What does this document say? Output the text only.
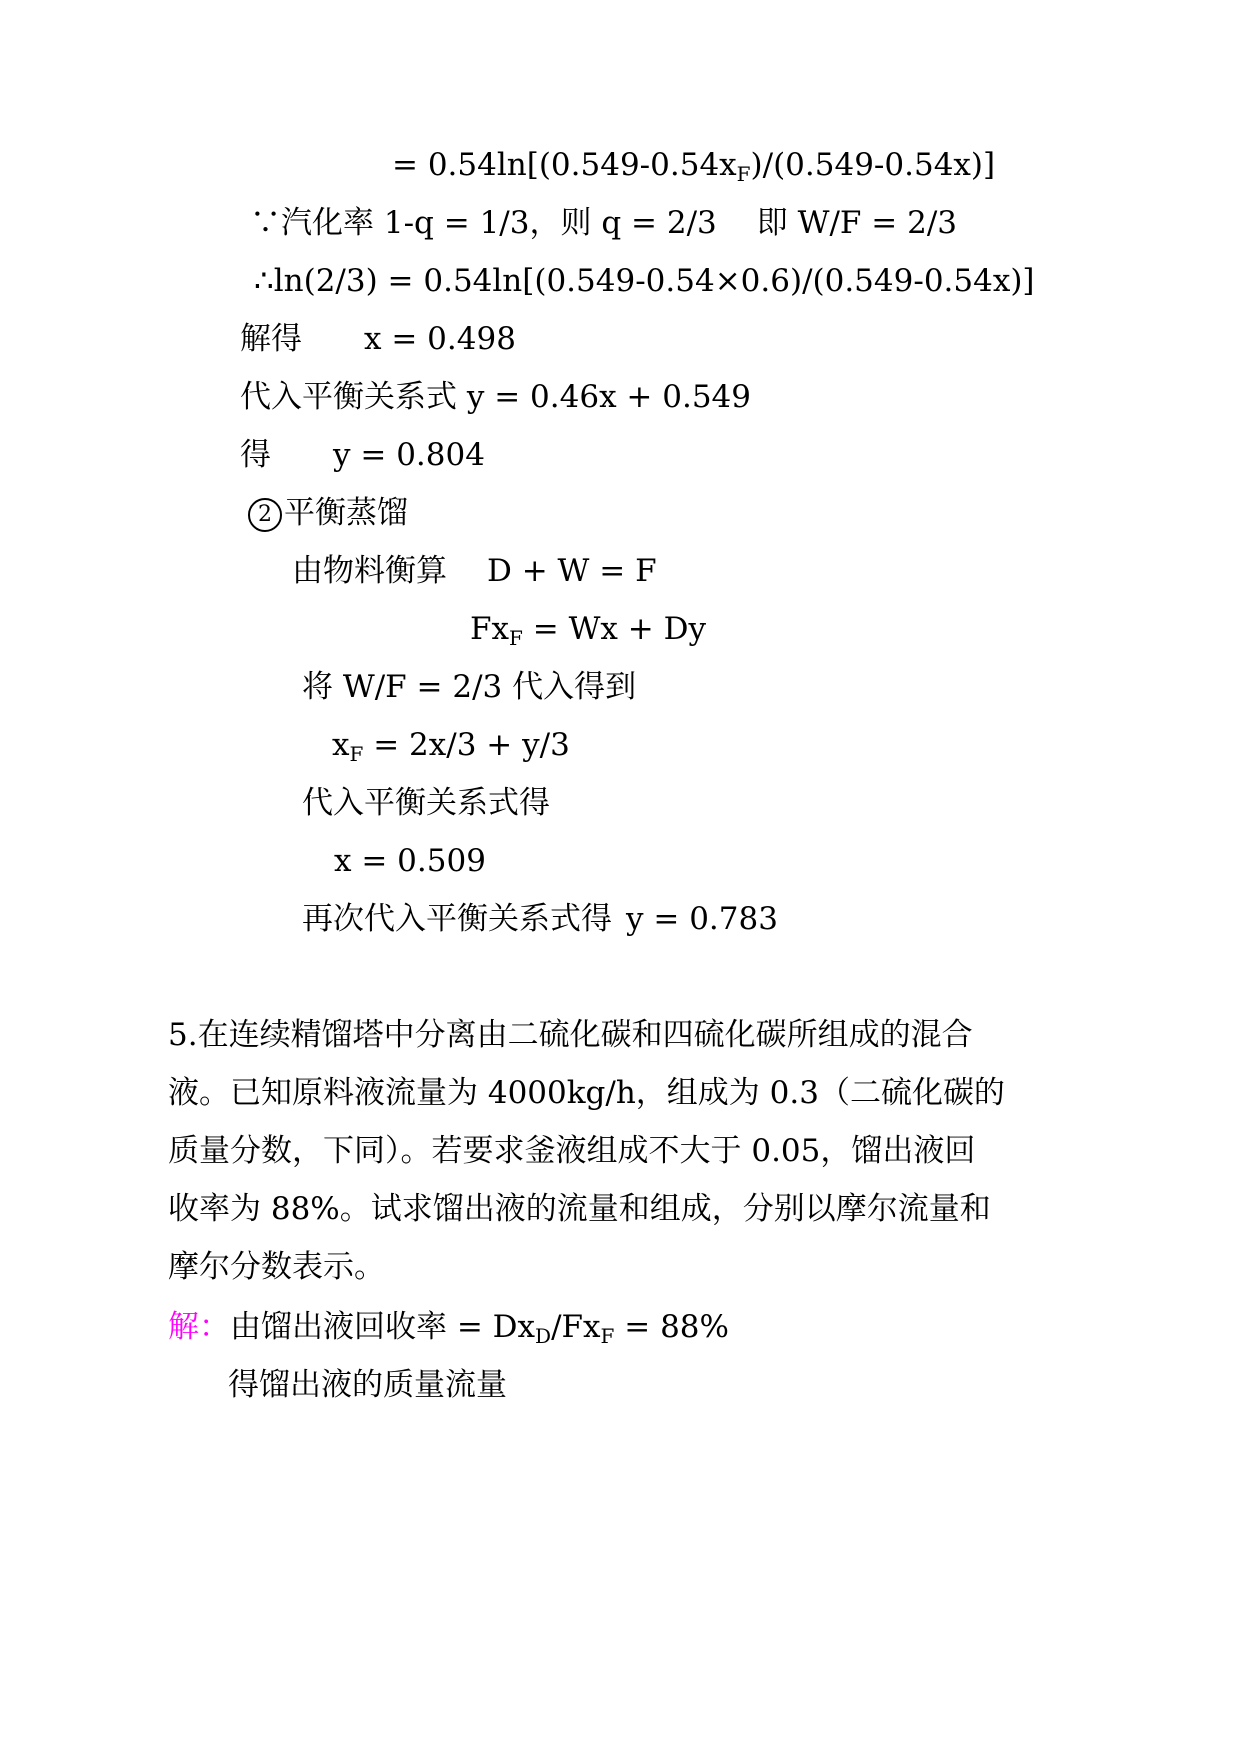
= $0.54\ln[(0.549-0.54x_F)/(0.549-0.54x)]$
∵汽化率 1-q = 1/3，则 q = 2/3 即 W/F = 2/3
∴ln(2/3) = 0.54ln[(0.549-0.54×0.6)/(0.549-0.54x)]
解得 x = 0.498
代入平衡关系式 y = 0.46x + 0.549
得 y = 0.804
2 平衡蒸馏
由物料衡算 D + W = F
$Fx_F = Wx + Dy$
将 W/F = 2/3 代入得到
$x_F = 2x/3 + y/3$
代入平衡关系式得
x = 0.509
再次代入平衡关系式得 y = 0.783
5.在连续精馏塔中分离由二硫化碳和四硫化碳所组成的混合
液。已知原料液流量为 4000kg/h，组成为 0.3（二硫化碳的
质量分数，下同）。若要求釜液组成不大于 0.05，馏出液回
收率为 88%。试求馏出液的流量和组成，分别以摩尔流量和
摩尔分数表示。
解：由馏出液回收率 = $Dx_D/Fx_F = 88\%$
得馏出液的质量流量
